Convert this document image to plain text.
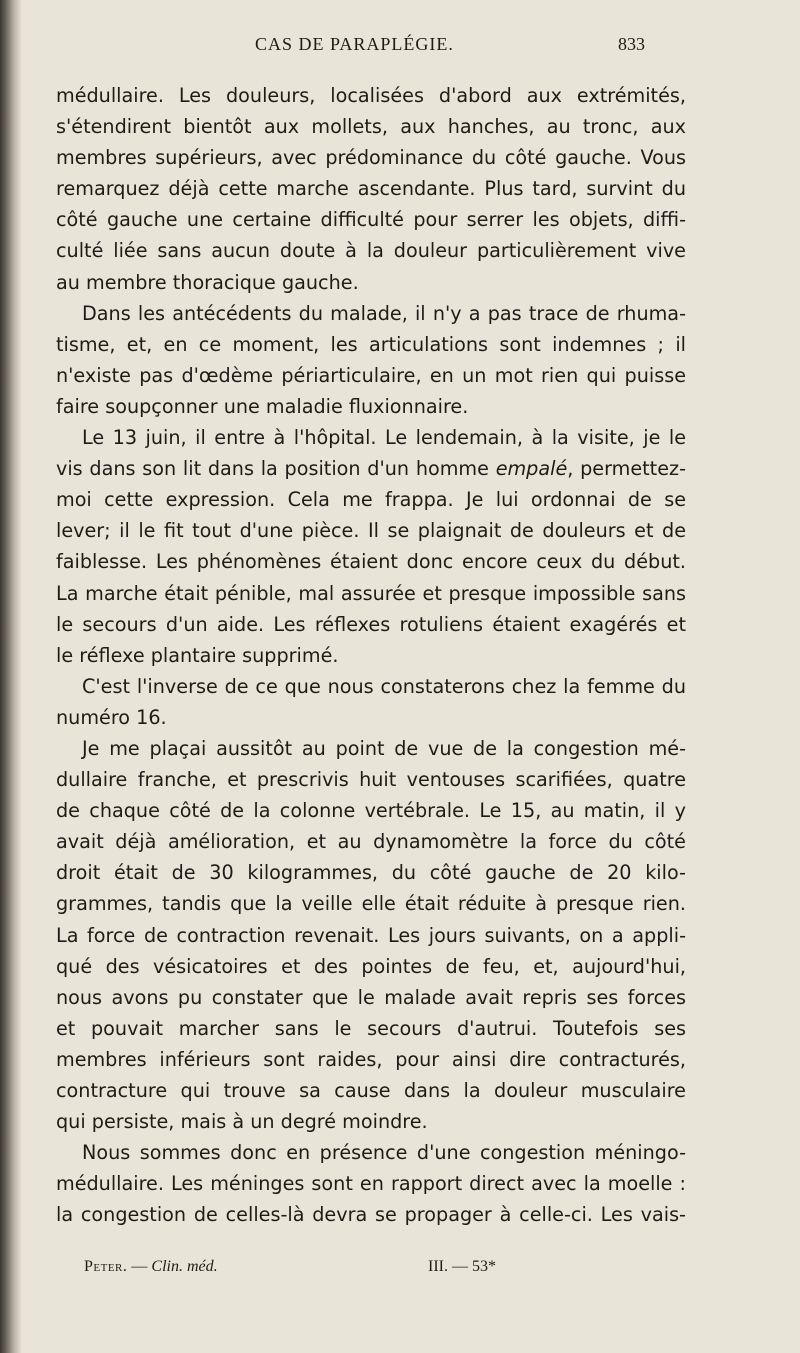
CAS DE PARAPLÉGIE.	833
médullaire. Les douleurs, localisées d'abord aux extrémités,
s'étendirent bientôt aux mollets, aux hanches, au tronc, aux
membres supérieurs, avec prédominance du côté gauche. Vous
remarquez déjà cette marche ascendante. Plus tard, survint du
côté gauche une certaine difficulté pour serrer les objets, diffi-
culté liée sans aucun doute à la douleur particulièrement vive
au membre thoracique gauche.
Dans les antécédents du malade, il n'y a pas trace de rhuma-
tisme, et, en ce moment, les articulations sont indemnes ; il
n'existe pas d'œdème périarticulaire, en un mot rien qui puisse
faire soupçonner une maladie fluxionnaire.
Le 13 juin, il entre à l'hôpital. Le lendemain, à la visite, je le
vis dans son lit dans la position d'un homme empalé, permettez-
moi cette expression. Cela me frappa. Je lui ordonnai de se
lever; il le fit tout d'une pièce. Il se plaignait de douleurs et de
faiblesse. Les phénomènes étaient donc encore ceux du début.
La marche était pénible, mal assurée et presque impossible sans
le secours d'un aide. Les réflexes rotuliens étaient exagérés et
le réflexe plantaire supprimé.
C'est l'inverse de ce que nous constaterons chez la femme du
numéro 16.
Je me plaçai aussitôt au point de vue de la congestion mé-
dullaire franche, et prescrivis huit ventouses scarifiées, quatre
de chaque côté de la colonne vertébrale. Le 15, au matin, il y
avait déjà amélioration, et au dynamomètre la force du côté
droit était de 30 kilogrammes, du côté gauche de 20 kilo-
grammes, tandis que la veille elle était réduite à presque rien.
La force de contraction revenait. Les jours suivants, on a appli-
qué des vésicatoires et des pointes de feu, et, aujourd'hui,
nous avons pu constater que le malade avait repris ses forces
et pouvait marcher sans le secours d'autrui. Toutefois ses
membres inférieurs sont raides, pour ainsi dire contracturés,
contracture qui trouve sa cause dans la douleur musculaire
qui persiste, mais à un degré moindre.
Nous sommes donc en présence d'une congestion méningo-
médullaire. Les méninges sont en rapport direct avec la moelle :
la congestion de celles-là devra se propager à celle-ci. Les vais-
Peter. — Clin. méd.	III. — 53*
